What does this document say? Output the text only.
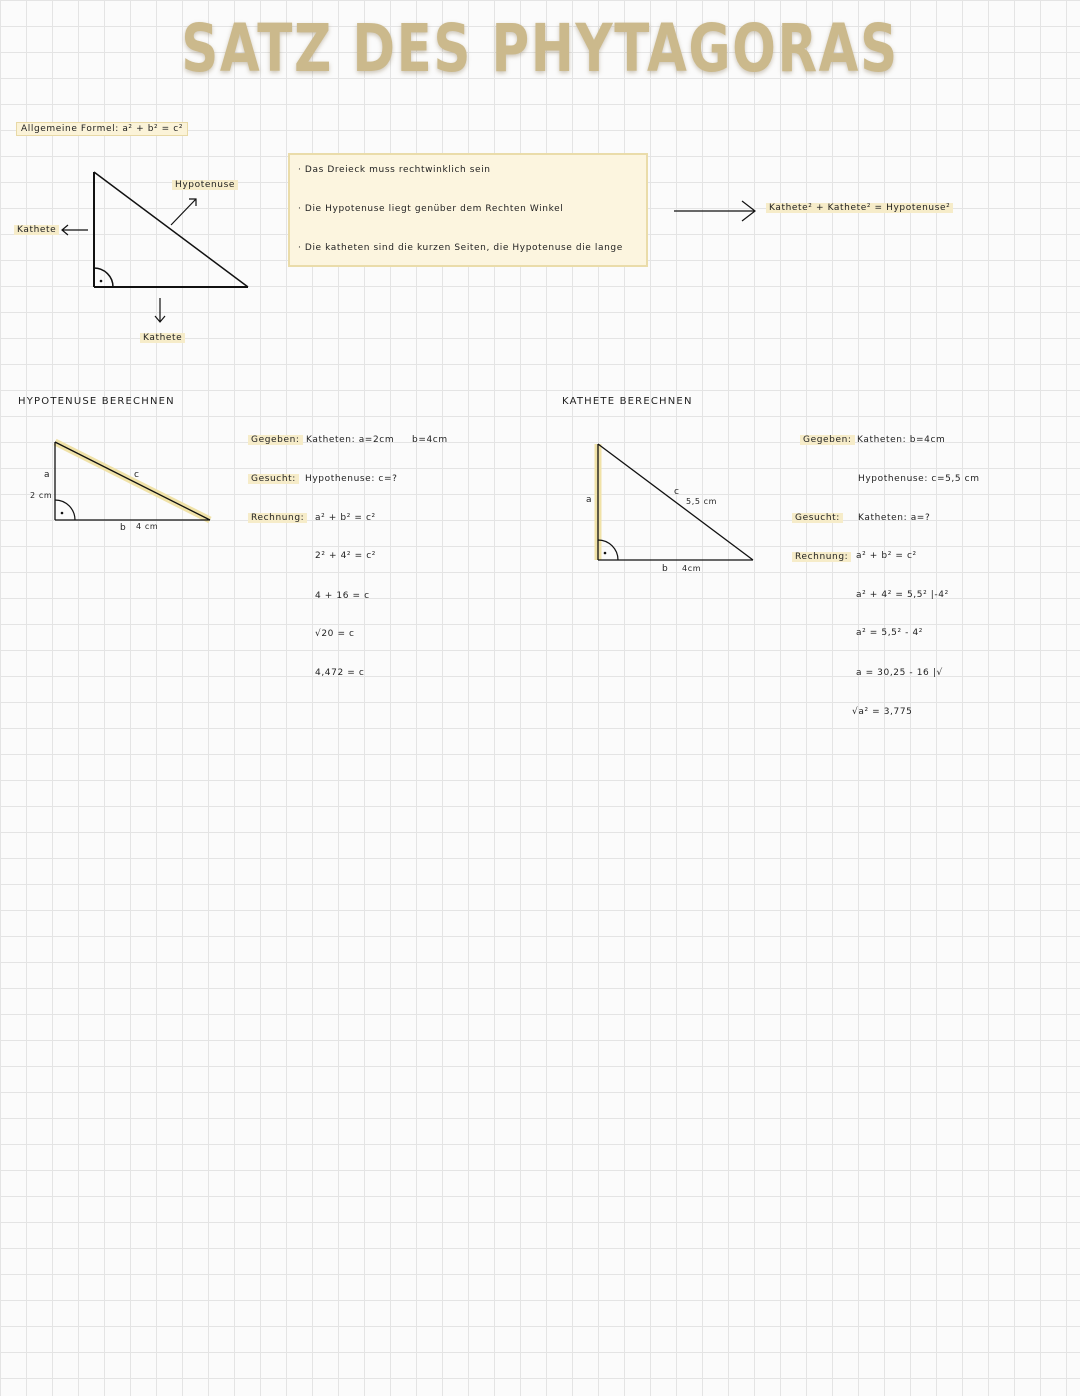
SATZ DES PHYTAGORAS
Allgemeine Formel: a² + b² = c²
Hypotenuse
Kathete
Kathete
· Das Dreieck muss rechtwinklich sein
· Die Hypotenuse liegt genüber dem Rechten Winkel
· Die katheten sind die kurzen Seiten, die Hypotenuse die lange
Kathete² + Kathete² = Hypotenuse²
HYPOTENUSE BERECHNEN
a
2 cm
c
b 4 cm
Gegeben: Katheten: a=2cm b=4cm
Gesucht:	Hypothenuse: c=?
Rechnung:	a² + b² = c²
2² + 4² = c²
4 + 16 = c
√20 = c
4,472 = c
KATHETE BERECHNEN
a
c
5,5 cm
b 4cm
Gegeben: Katheten: b=4cm
Hypothenuse: c=5,5 cm
Gesucht:	Katheten: a=?
Rechnung: a² + b² = c²
a² + 4² = 5,5² |-4²
a² = 5,5² - 4²
a = 30,25 - 16 |√
√a² = 3,775
